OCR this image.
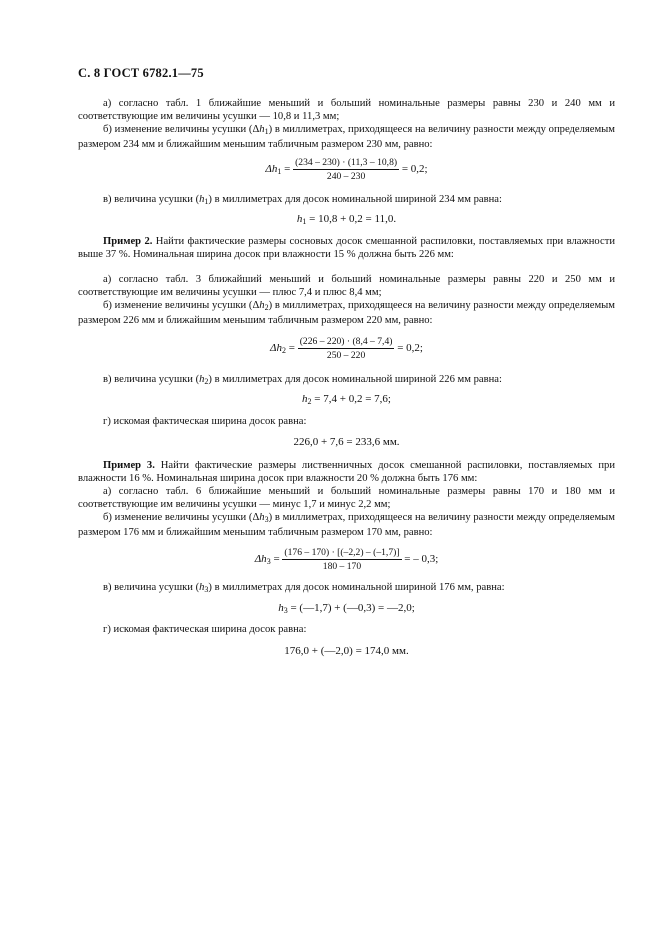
С. 8 ГОСТ 6782.1—75
а) согласно табл. 1 ближайшие меньший и больший номинальные размеры равны 230 и 240 мм и соответствующие им величины усушки — 10,8 и 11,3 мм;
б) изменение величины усушки $(\Delta h_1)$ в миллиметрах, приходящееся на величину разности между определяемым размером 234 мм и ближайшим меньшим табличным размером 230 мм, равно:
$\Delta h_1 = \frac{(234 - 230) \cdot (11,3 - 10,8)}{240 - 230} = 0,2$;
в) величина усушки $(h_1)$ в миллиметрах для досок номинальной шириной 234 мм равна:
$h_1 = 10,8 + 0,2 = 11,0$.
Пример 2. Найти фактические размеры сосновых досок смешанной распиловки, поставляемых при влажности выше 37 %. Номинальная ширина досок при влажности 15 % должна быть 226 мм:
а) согласно табл. 3 ближайший меньший и больший номинальные размеры равны 220 и 250 мм и соответствующие им величины усушки — плюс 7,4 и плюс 8,4 мм;
б) изменение величины усушки $(\Delta h_2)$ в миллиметрах, приходящееся на величину разности между определяемым размером 226 мм и ближайшим меньшим табличным размером 220 мм, равно:
$\Delta h_2 = \frac{(226 - 220) \cdot (8,4 - 7,4)}{250 - 220} = 0,2$;
в) величина усушки $(h_2)$ в миллиметрах для досок номинальной шириной 226 мм равна:
$h_2 = 7,4 + 0,2 = 7,6$;
г) искомая фактическая ширина досок равна:
226,0 + 7,6 = 233,6 мм.
Пример 3. Найти фактические размеры лиственничных досок смешанной распиловки, поставляемых при влажности 16 %. Номинальная ширина досок при влажности 20 % должна быть 176 мм:
а) согласно табл. 6 ближайшие меньший и больший номинальные размеры равны 170 и 180 мм и соответствующие им величины усушки — минус 1,7 и минус 2,2 мм;
б) изменение величины усушки $(\Delta h_3)$ в миллиметрах, приходящееся на величину разности между определяемым размером 176 мм и ближайшим меньшим табличным размером 170 мм, равно:
$\Delta h_3 = \frac{(176 - 170) \cdot [(-2,2) - (-1,7)]}{180 - 170}$ = – 0,3;
в) величина усушки $(h_3)$ в миллиметрах для досок номинальной шириной 176 мм, равна:
$h_3$ = (—1,7) + (—0,3) = —2,0;
г) искомая фактическая ширина досок равна:
176,0 + (—2,0) = 174,0 мм.
